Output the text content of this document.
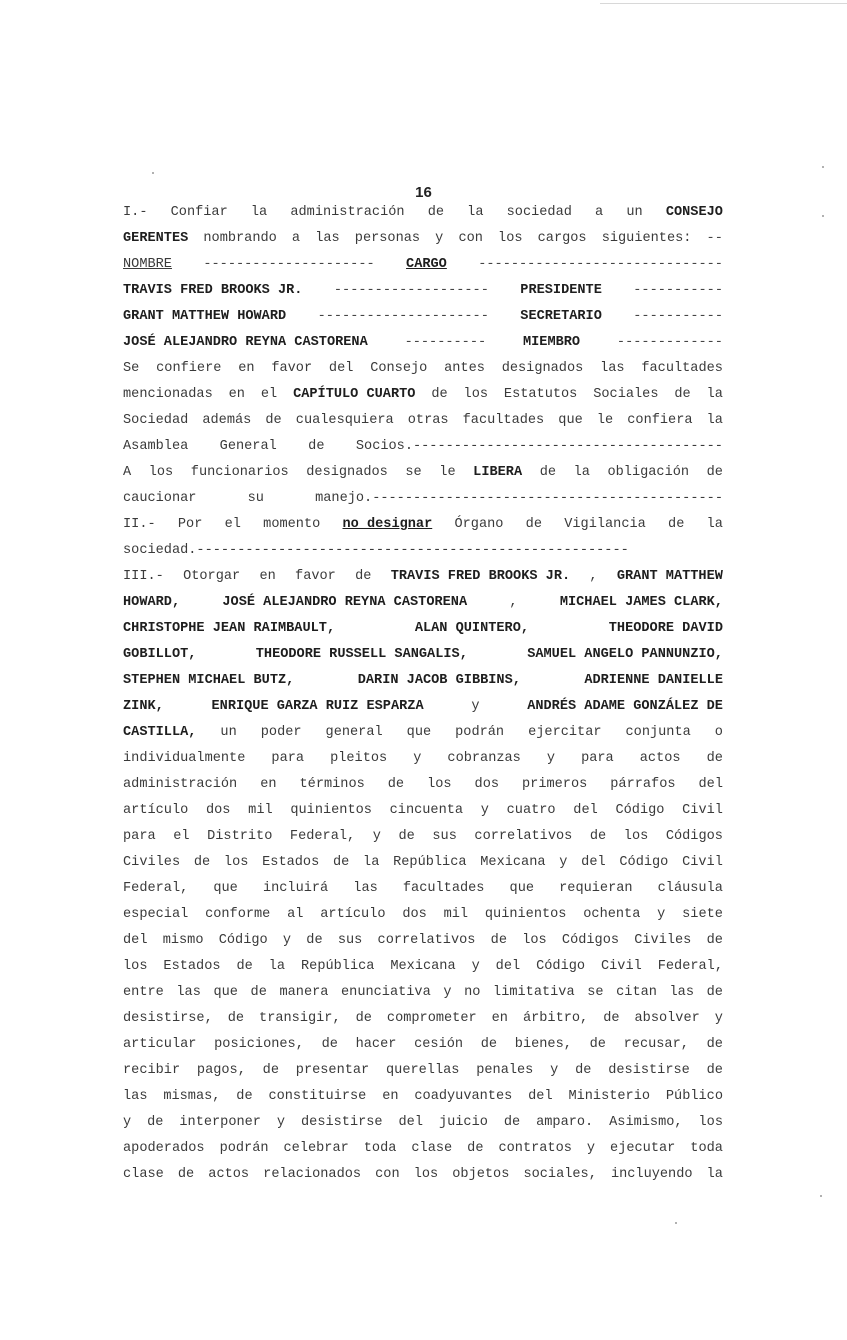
16
I.- Confiar la administración de la sociedad a un CONSEJO
GERENTES nombrando a las personas y con los cargos siguientes: --
NOMBRE --------------------- CARGO ------------------------------
TRAVIS FRED BROOKS JR. ------------------- PRESIDENTE -----------
GRANT MATTHEW HOWARD --------------------- SECRETARIO -----------
JOSÉ ALEJANDRO REYNA CASTORENA	----------	MIEMBRO	-------------
Se confiere en favor del Consejo antes designados las facultades
mencionadas en el CAPÍTULO CUARTO de los Estatutos Sociales de la
Sociedad además de cualesquiera otras facultades que le confiera la
Asamblea General de Socios.--------------------------------------
A los funcionarios designados se le LIBERA de la obligación de
caucionar	su	manejo.-------------------------------------------
II.- Por el momento no designar Órgano de Vigilancia de la
sociedad.-----------------------------------------------------
III.- Otorgar en favor de TRAVIS FRED BROOKS JR. , GRANT MATTHEW
HOWARD,	JOSÉ ALEJANDRO REYNA CASTORENA	,	MICHAEL JAMES CLARK,
CHRISTOPHE JEAN RAIMBAULT,	ALAN QUINTERO,	THEODORE DAVID
GOBILLOT,	THEODORE RUSSELL SANGALIS,	SAMUEL ANGELO PANNUNZIO,
STEPHEN MICHAEL BUTZ,	DARIN JACOB GIBBINS,	ADRIENNE DANIELLE
ZINK,	ENRIQUE GARZA RUIZ ESPARZA	y	ANDRÉS ADAME GONZÁLEZ DE
CASTILLA, un poder general que podrán ejercitar conjunta o
individualmente para pleitos y cobranzas y para actos de
administración en términos de los dos primeros párrafos del
artículo dos mil quinientos cincuenta y cuatro del Código Civil
para el Distrito Federal, y de sus correlativos de los Códigos
Civiles de los Estados de la República Mexicana y del Código Civil
Federal, que incluirá las facultades que requieran cláusula
especial conforme al artículo dos mil quinientos ochenta y siete
del mismo Código y de sus correlativos de los Códigos Civiles de
los Estados de la República Mexicana y del Código Civil Federal,
entre las que de manera enunciativa y no limitativa se citan las de
desistirse, de transigir, de comprometer en árbitro, de absolver y
articular posiciones, de hacer cesión de bienes, de recusar, de
recibir pagos, de presentar querellas penales y de desistirse de
las mismas, de constituirse en coadyuvantes del Ministerio Público
y de interponer y desistirse del juicio de amparo. Asimismo, los
apoderados podrán celebrar toda clase de contratos y ejecutar toda
clase de actos relacionados con los objetos sociales, incluyendo la
